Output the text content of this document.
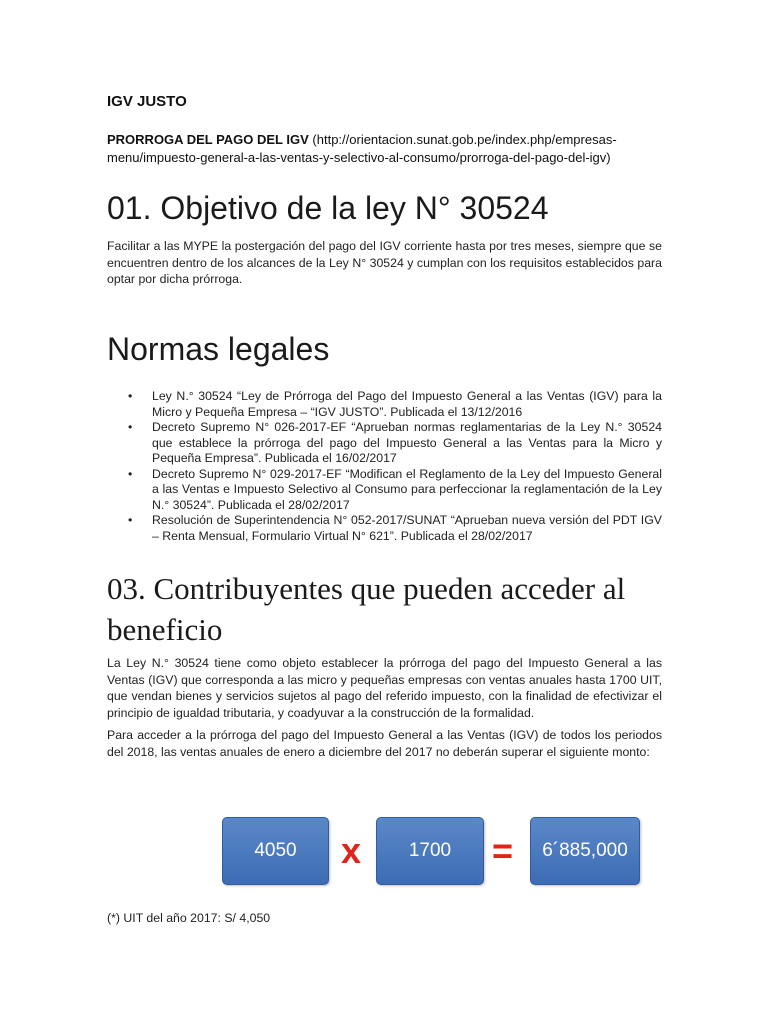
IGV JUSTO
PRORROGA DEL PAGO DEL IGV (http://orientacion.sunat.gob.pe/index.php/empresas-menu/impuesto-general-a-las-ventas-y-selectivo-al-consumo/prorroga-del-pago-del-igv)
01. Objetivo de la ley N° 30524

Facilitar a las MYPE la postergación del pago del IGV corriente hasta por tres meses, siempre que se encuentren dentro de los alcances de la Ley N° 30524 y cumplan con los requisitos establecidos para optar por dicha prórroga.

Normas legales
• Ley N.° 30524 “Ley de Prórroga del Pago del Impuesto General a las Ventas (IGV) para la Micro y Pequeña Empresa – “IGV JUSTO”. Publicada el 13/12/2016
• Decreto Supremo N° 026-2017-EF “Aprueban normas reglamentarias de la Ley N.° 30524 que establece la prórroga del pago del Impuesto General a las Ventas para la Micro y Pequeña Empresa”. Publicada el 16/02/2017
• Decreto Supremo N° 029-2017-EF “Modifican el Reglamento de la Ley del Impuesto General a las Ventas e Impuesto Selectivo al Consumo para perfeccionar la reglamentación de la Ley N.° 30524”. Publicada el 28/02/2017
• Resolución de Superintendencia N° 052-2017/SUNAT “Aprueban nueva versión del PDT IGV – Renta Mensual, Formulario Virtual N° 621”. Publicada el 28/02/2017
03. Contribuyentes que pueden acceder al beneficio

La Ley N.° 30524 tiene como objeto establecer la prórroga del pago del Impuesto General a las Ventas (IGV) que corresponda a las micro y pequeñas empresas con ventas anuales hasta 1700 UIT, que vendan bienes y servicios sujetos al pago del referido impuesto, con la finalidad de efectivizar el principio de igualdad tributaria, y coadyuvar a la construcción de la formalidad.

Para acceder a la prórroga del pago del Impuesto General a las Ventas (IGV) de todos los periodos del 2018, las ventas anuales de enero a diciembre del 2017 no deberán superar el siguiente monto:

(*) UIT del año 2017: S/ 4,050
4050	x	1700	=	6´885,000
